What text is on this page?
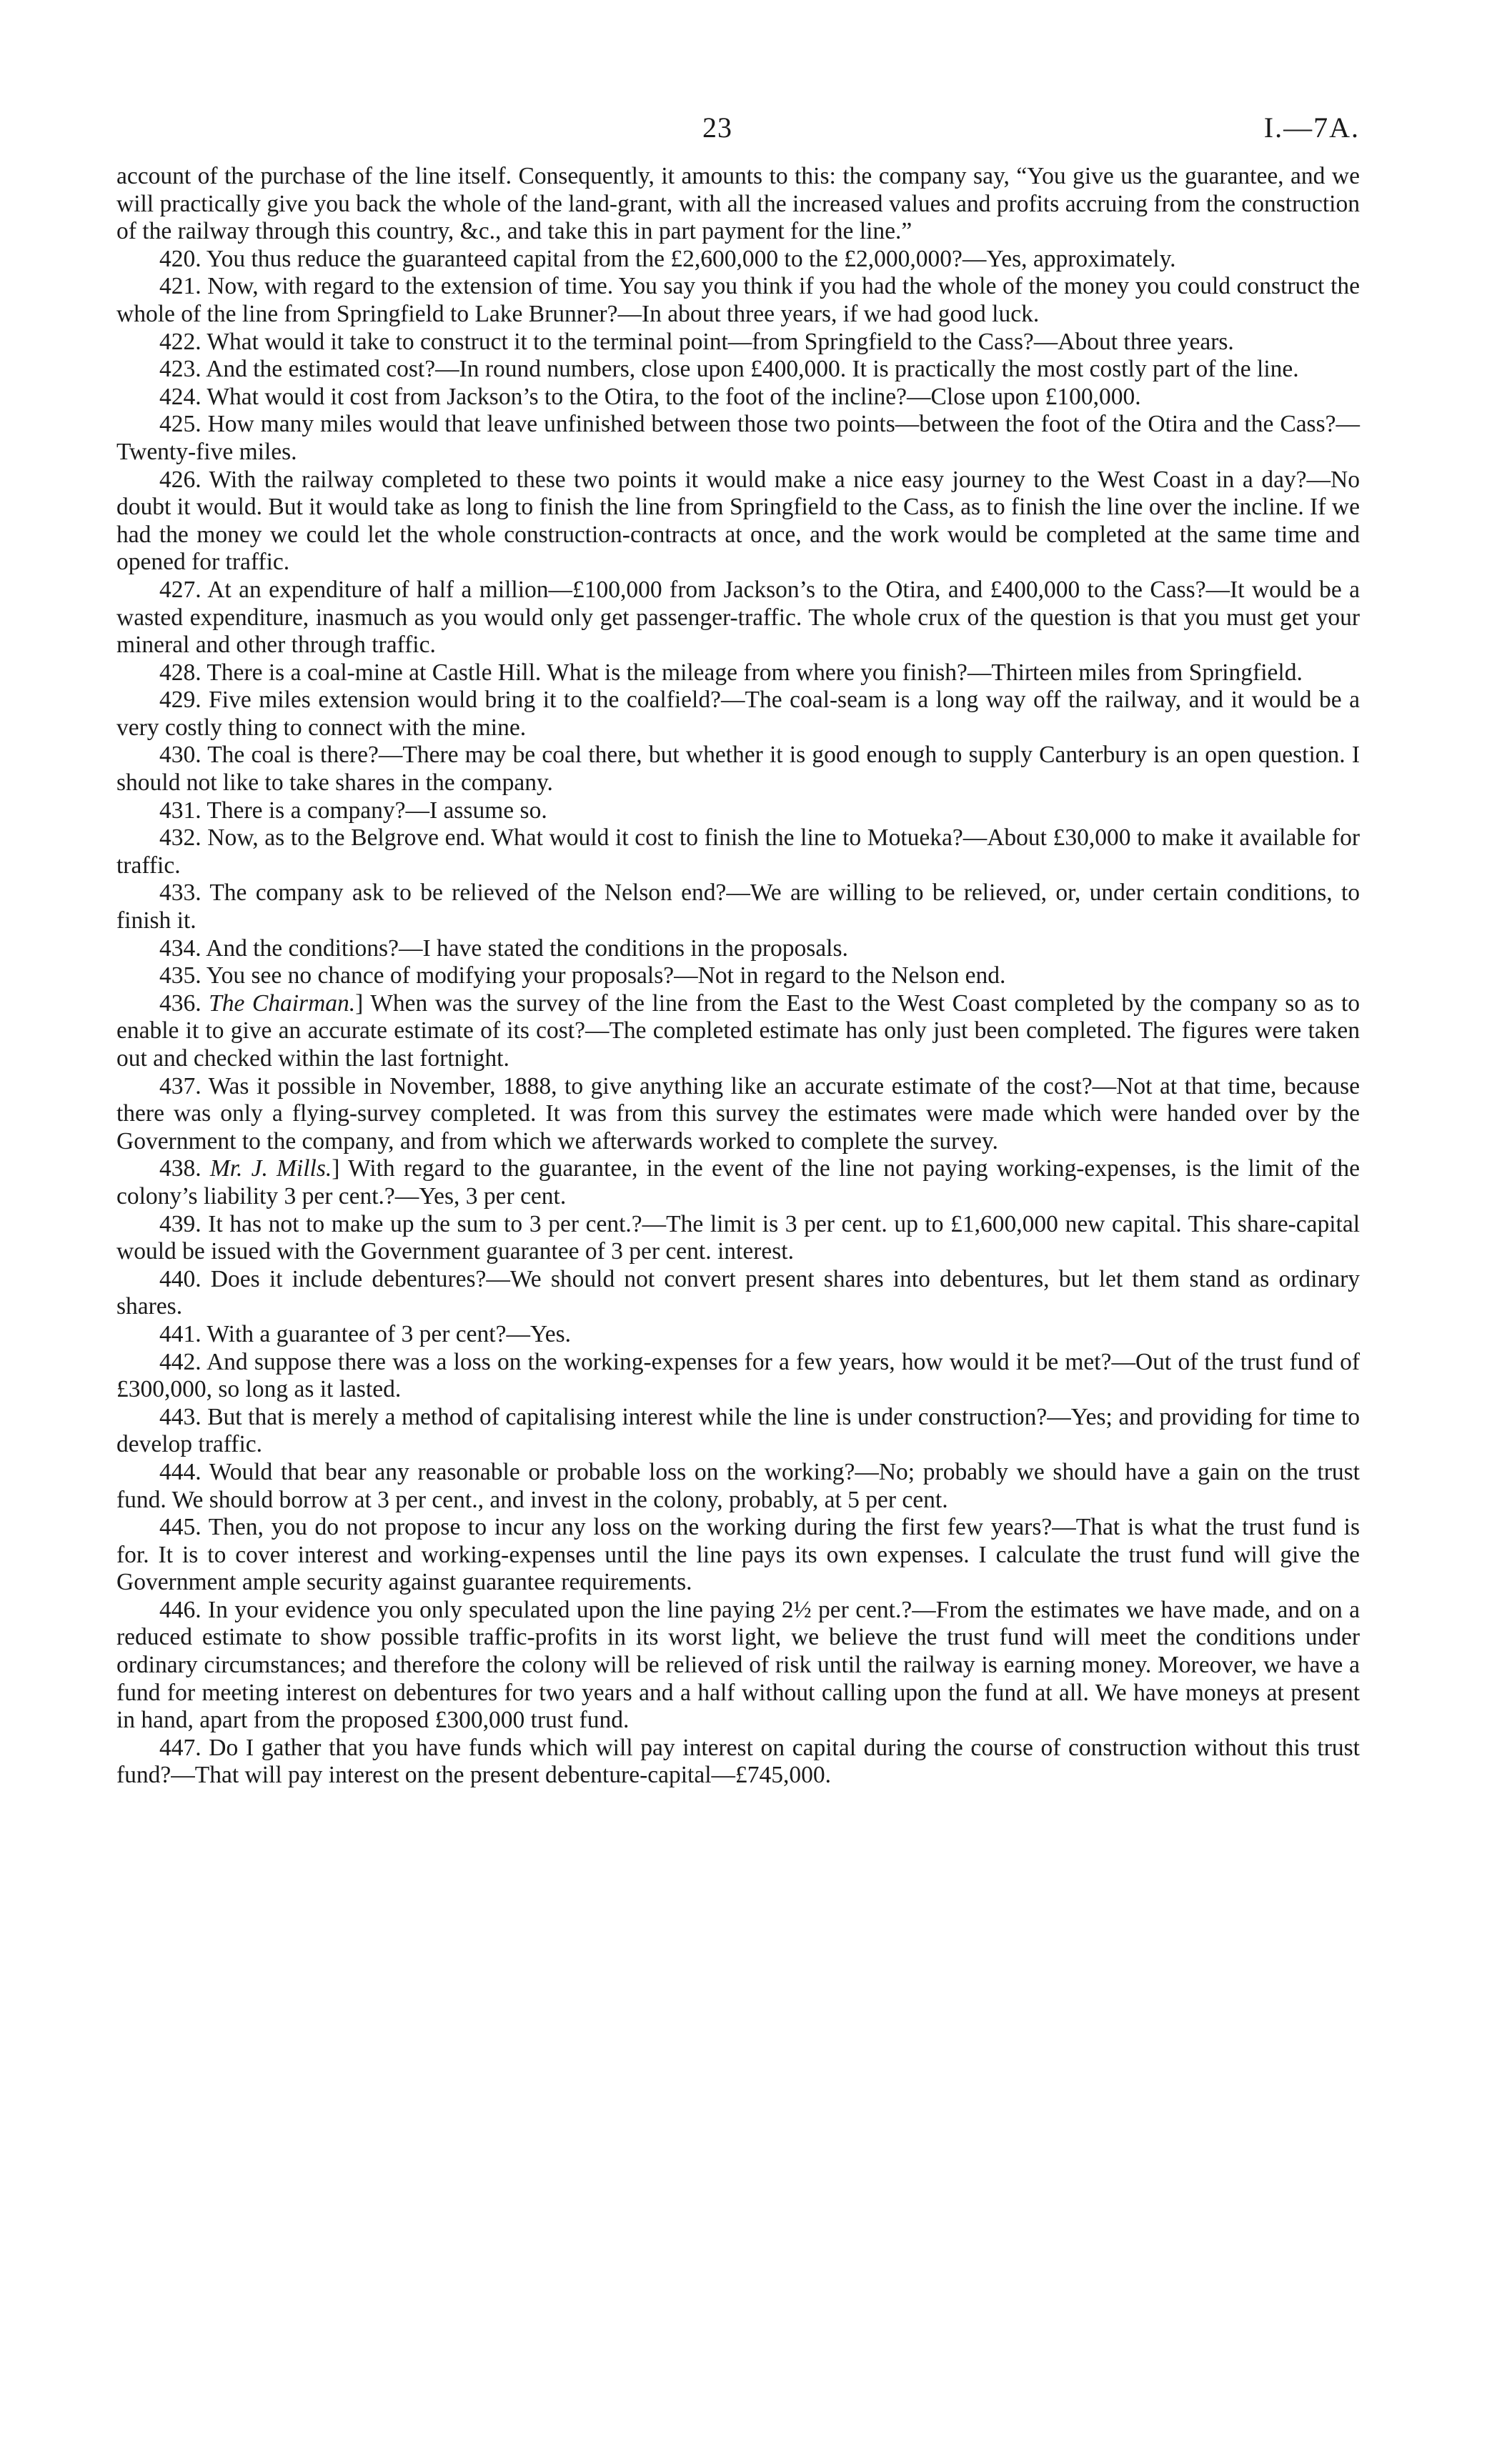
23	I.—7A.

account of the purchase of the line itself. Consequently, it amounts to this: the company say, “You give us the guarantee, and we will practically give you back the whole of the land-grant, with all the increased values and profits accruing from the construction of the railway through this country, &c., and take this in part payment for the line.”

420. You thus reduce the guaranteed capital from the £2,600,000 to the £2,000,000?—Yes, approximately.

421. Now, with regard to the extension of time. You say you think if you had the whole of the money you could construct the whole of the line from Springfield to Lake Brunner?—In about three years, if we had good luck.

422. What would it take to construct it to the terminal point—from Springfield to the Cass?—About three years.

423. And the estimated cost?—In round numbers, close upon £400,000. It is practically the most costly part of the line.

424. What would it cost from Jackson’s to the Otira, to the foot of the incline?—Close upon £100,000.

425. How many miles would that leave unfinished between those two points—between the foot of the Otira and the Cass?—Twenty-five miles.

426. With the railway completed to these two points it would make a nice easy journey to the West Coast in a day?—No doubt it would. But it would take as long to finish the line from Springfield to the Cass, as to finish the line over the incline. If we had the money we could let the whole construction-contracts at once, and the work would be completed at the same time and opened for traffic.

427. At an expenditure of half a million—£100,000 from Jackson’s to the Otira, and £400,000 to the Cass?—It would be a wasted expenditure, inasmuch as you would only get passenger-traffic. The whole crux of the question is that you must get your mineral and other through traffic.

428. There is a coal-mine at Castle Hill. What is the mileage from where you finish?—Thirteen miles from Springfield.

429. Five miles extension would bring it to the coalfield?—The coal-seam is a long way off the railway, and it would be a very costly thing to connect with the mine.

430. The coal is there?—There may be coal there, but whether it is good enough to supply Canterbury is an open question. I should not like to take shares in the company.

431. There is a company?—I assume so.

432. Now, as to the Belgrove end. What would it cost to finish the line to Motueka?—About £30,000 to make it available for traffic.

433. The company ask to be relieved of the Nelson end?—We are willing to be relieved, or, under certain conditions, to finish it.

434. And the conditions?—I have stated the conditions in the proposals.

435. You see no chance of modifying your proposals?—Not in regard to the Nelson end.

436. The Chairman.] When was the survey of the line from the East to the West Coast completed by the company so as to enable it to give an accurate estimate of its cost?—The completed estimate has only just been completed. The figures were taken out and checked within the last fortnight.

437. Was it possible in November, 1888, to give anything like an accurate estimate of the cost?—Not at that time, because there was only a flying-survey completed. It was from this survey the estimates were made which were handed over by the Government to the company, and from which we afterwards worked to complete the survey.

438. Mr. J. Mills.] With regard to the guarantee, in the event of the line not paying working-expenses, is the limit of the colony’s liability 3 per cent.?—Yes, 3 per cent.

439. It has not to make up the sum to 3 per cent.?—The limit is 3 per cent. up to £1,600,000 new capital. This share-capital would be issued with the Government guarantee of 3 per cent. interest.

440. Does it include debentures?—We should not convert present shares into debentures, but let them stand as ordinary shares.

441. With a guarantee of 3 per cent?—Yes.

442. And suppose there was a loss on the working-expenses for a few years, how would it be met?—Out of the trust fund of £300,000, so long as it lasted.

443. But that is merely a method of capitalising interest while the line is under construction?—Yes; and providing for time to develop traffic.

444. Would that bear any reasonable or probable loss on the working?—No; probably we should have a gain on the trust fund. We should borrow at 3 per cent., and invest in the colony, probably, at 5 per cent.

445. Then, you do not propose to incur any loss on the working during the first few years?—That is what the trust fund is for. It is to cover interest and working-expenses until the line pays its own expenses. I calculate the trust fund will give the Government ample security against guarantee requirements.

446. In your evidence you only speculated upon the line paying 2½ per cent.?—From the estimates we have made, and on a reduced estimate to show possible traffic-profits in its worst light, we believe the trust fund will meet the conditions under ordinary circumstances; and therefore the colony will be relieved of risk until the railway is earning money. Moreover, we have a fund for meeting interest on debentures for two years and a half without calling upon the fund at all. We have moneys at present in hand, apart from the proposed £300,000 trust fund.

447. Do I gather that you have funds which will pay interest on capital during the course of construction without this trust fund?—That will pay interest on the present debenture-capital—£745,000.
